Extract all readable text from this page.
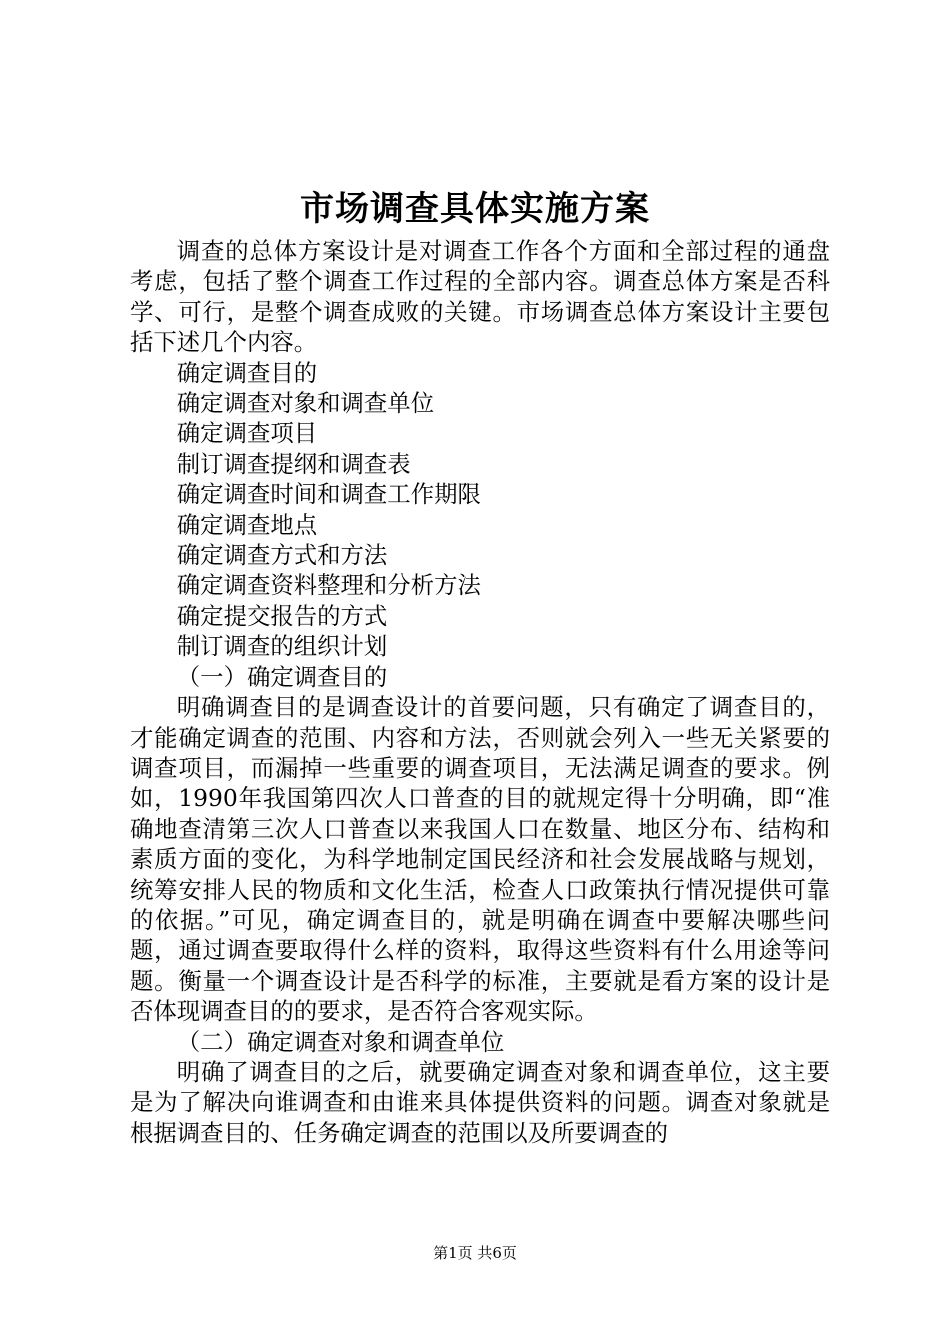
市场调查具体实施方案

调查的总体方案设计是对调查工作各个方面和全部过程的通盘考虑，包括了整个调查工作过程的全部内容。调查总体方案是否科学、可行，是整个调查成败的关键。市场调查总体方案设计主要包括下述几个内容。

确定调查目的

确定调查对象和调查单位

确定调查项目

制订调查提纲和调查表

确定调查时间和调查工作期限

确定调查地点

确定调查方式和方法

确定调查资料整理和分析方法

确定提交报告的方式

制订调查的组织计划

（一）确定调查目的

明确调查目的是调查设计的首要问题，只有确定了调查目的，才能确定调查的范围、内容和方法，否则就会列入一些无关紧要的调查项目，而漏掉一些重要的调查项目，无法满足调查的要求。例如，1990年我国第四次人口普查的目的就规定得十分明确，即“准确地查清第三次人口普查以来我国人口在数量、地区分布、结构和素质方面的变化，为科学地制定国民经济和社会发展战略与规划，统筹安排人民的物质和文化生活，检查人口政策执行情况提供可靠的依据。”可见，确定调查目的，就是明确在调查中要解决哪些问题，通过调查要取得什么样的资料，取得这些资料有什么用途等问题。衡量一个调查设计是否科学的标准，主要就是看方案的设计是否体现调查目的的要求，是否符合客观实际。

（二）确定调查对象和调查单位

明确了调查目的之后，就要确定调查对象和调查单位，这主要是为了解决向谁调查和由谁来具体提供资料的问题。调查对象就是根据调查目的、任务确定调查的范围以及所要调查的

第1页 共6页
